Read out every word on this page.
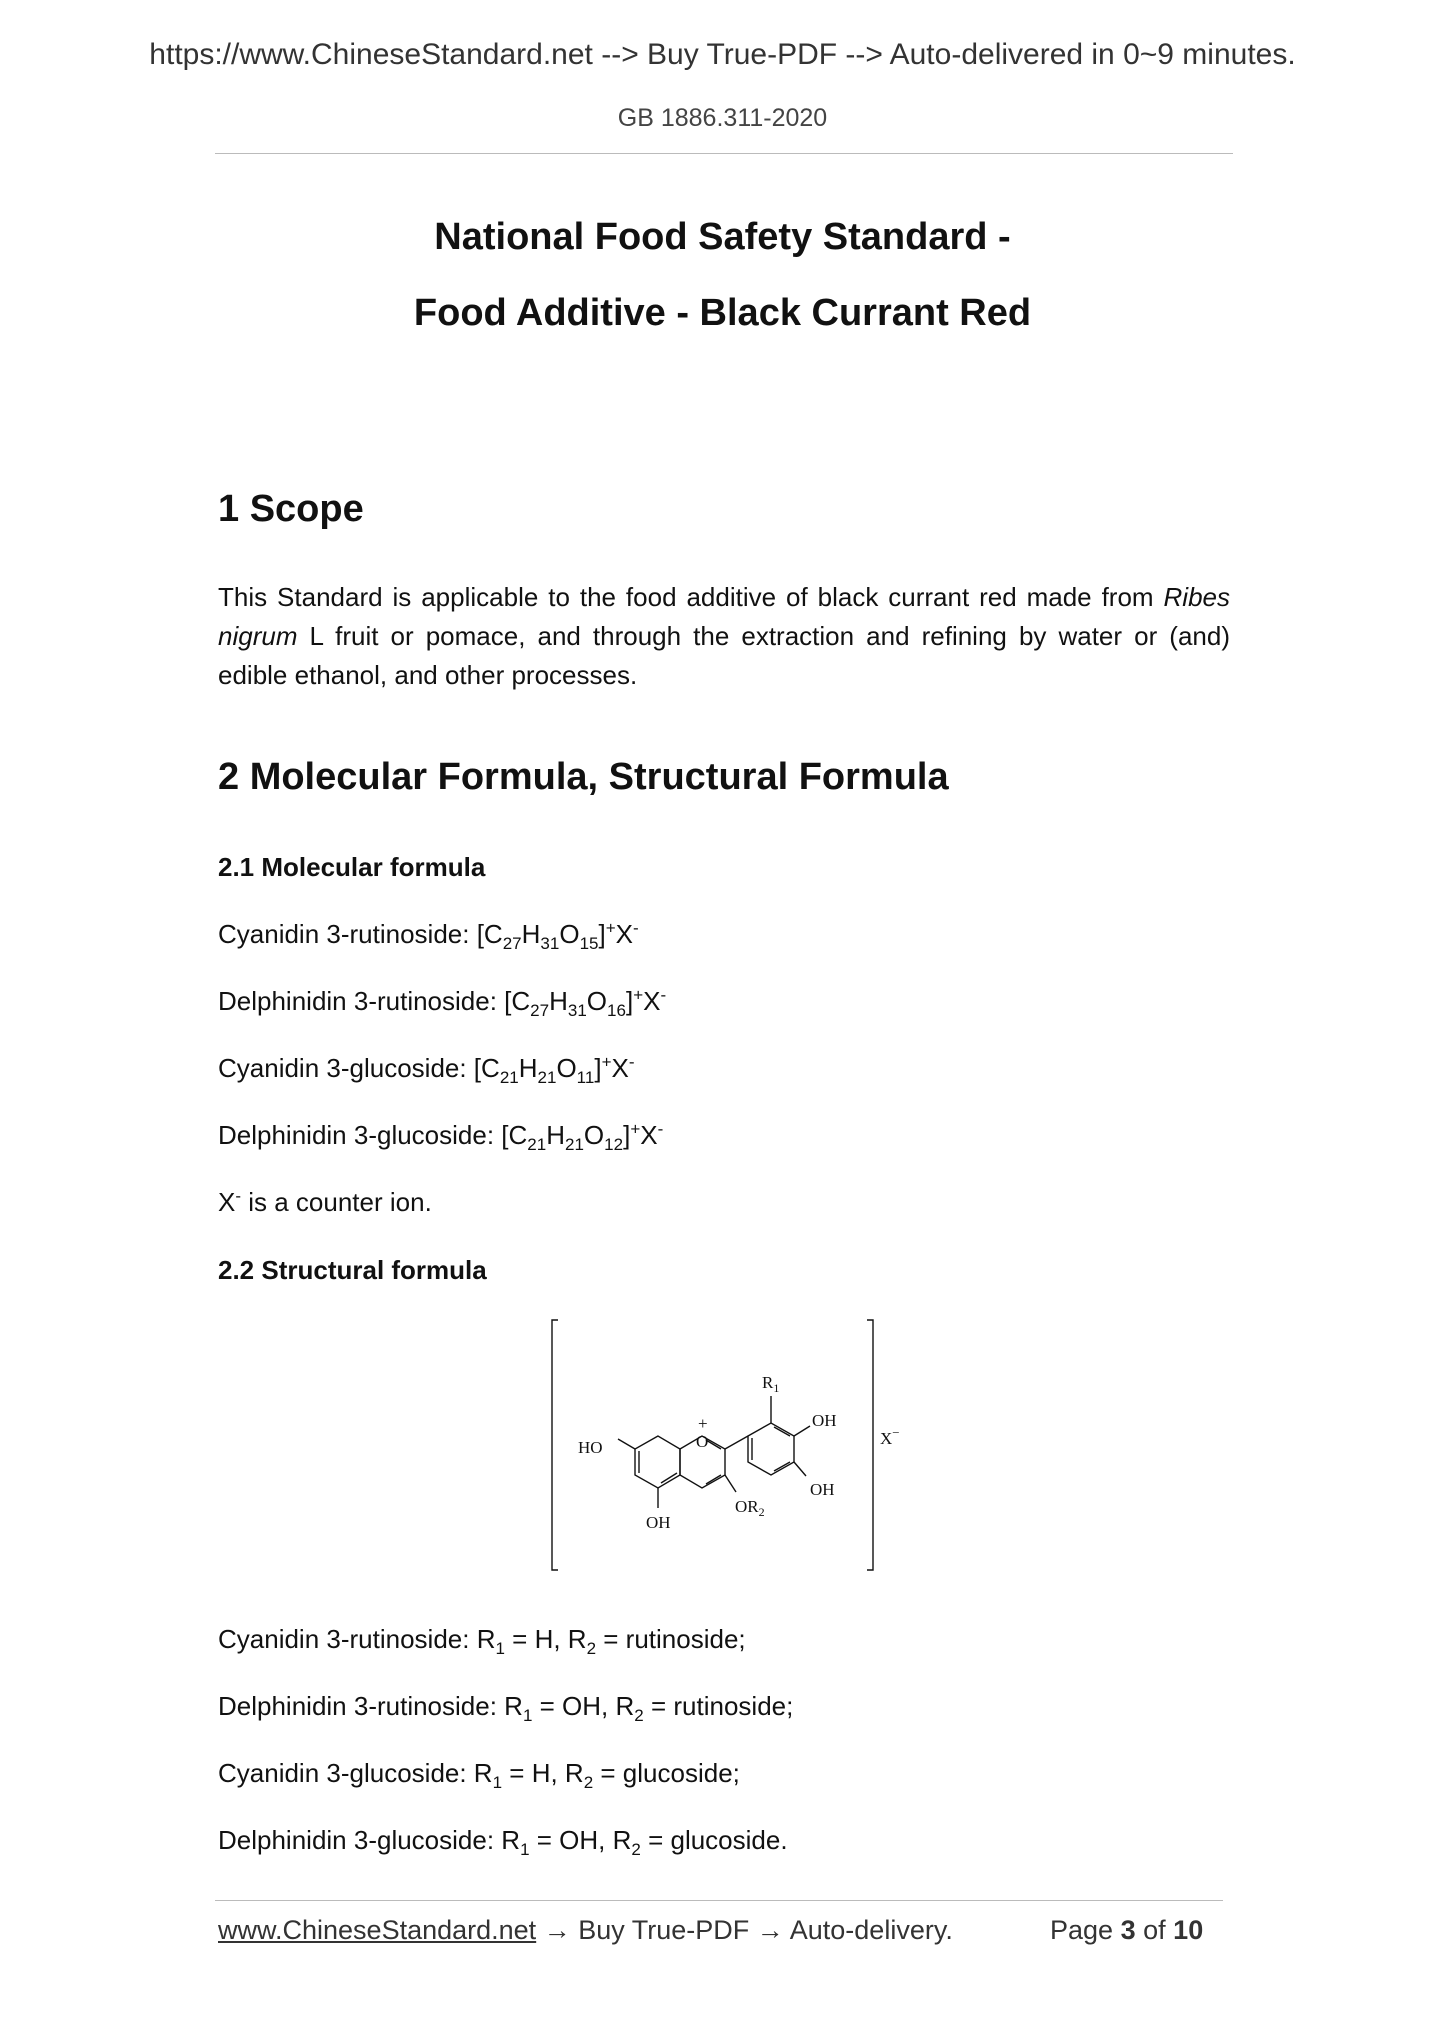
https://www.ChineseStandard.net --> Buy True-PDF --> Auto-delivered in 0~9 minutes.
GB 1886.311-2020
National Food Safety Standard -
Food Additive - Black Currant Red
1 Scope
This Standard is applicable to the food additive of black currant red made from Ribes nigrum L fruit or pomace, and through the extraction and refining by water or (and) edible ethanol, and other processes.
2 Molecular Formula, Structural Formula
2.1 Molecular formula
Cyanidin 3-rutinoside: $[C_{27}H_{31}O_{15}]^+X^-$
Delphinidin 3-rutinoside: $[C_{27}H_{31}O_{16}]^+X^-$
Cyanidin 3-glucoside: $[C_{21}H_{21}O_{11}]^+X^-$
Delphinidin 3-glucoside: $[C_{21}H_{21}O_{12}]^+X^-$
X- is a counter ion.
2.2 Structural formula
$R_1$
OH
HO	O
+
OH
$OR_2$
OH
X−
Cyanidin 3-rutinoside: $R_1 = H$, $R_2$ = rutinoside;
Delphinidin 3-rutinoside: $R_1$ = OH, $R_2$ = rutinoside;
Cyanidin 3-glucoside: $R_1 = H$, $R_2$ = glucoside;
Delphinidin 3-glucoside: $R_1$ = OH, $R_2$ = glucoside.
www.ChineseStandard.net → Buy True-PDF → Auto-delivery.	Page 3 of 10
